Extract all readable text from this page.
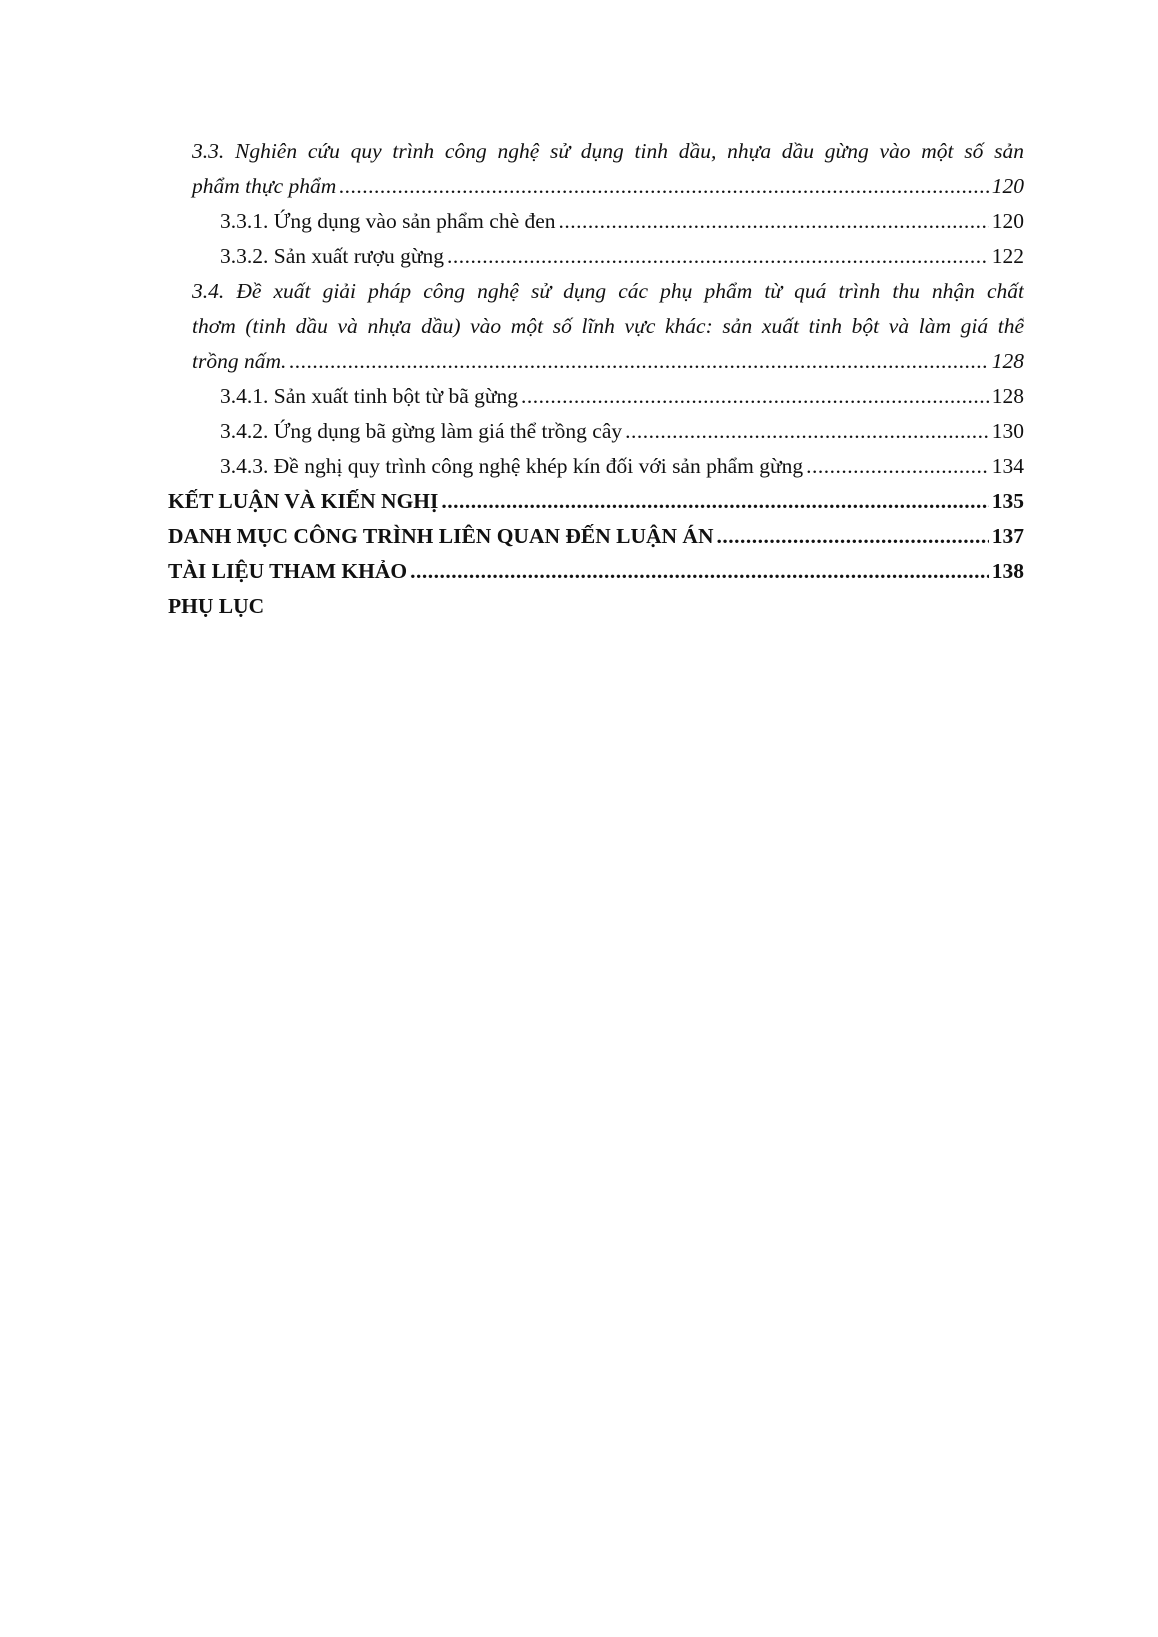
3.3. Nghiên cứu quy trình công nghệ sử dụng tinh dầu, nhựa dầu gừng vào một số sản
phẩm thực phẩm .....	120
3.3.1. Ứng dụng vào sản phẩm chè đen .....	120
3.3.2. Sản xuất rượu gừng .....	122
3.4. Đề xuất giải pháp công nghệ sử dụng các phụ phẩm từ quá trình thu nhận chất
thơm (tinh dầu và nhựa dầu) vào một số lĩnh vực khác: sản xuất tinh bột và làm giá thể
trồng nấm. .....	128
3.4.1. Sản xuất tinh bột từ bã gừng .....	128
3.4.2. Ứng dụng bã gừng làm giá thể trồng cây .....	130
3.4.3. Đề nghị quy trình công nghệ khép kín đối với sản phẩm gừng .....	134
KẾT LUẬN VÀ KIẾN NGHỊ .....	135
DANH MỤC CÔNG TRÌNH LIÊN QUAN ĐẾN LUẬN ÁN .....	137
TÀI LIỆU THAM KHẢO .....	138
PHỤ LỤC
